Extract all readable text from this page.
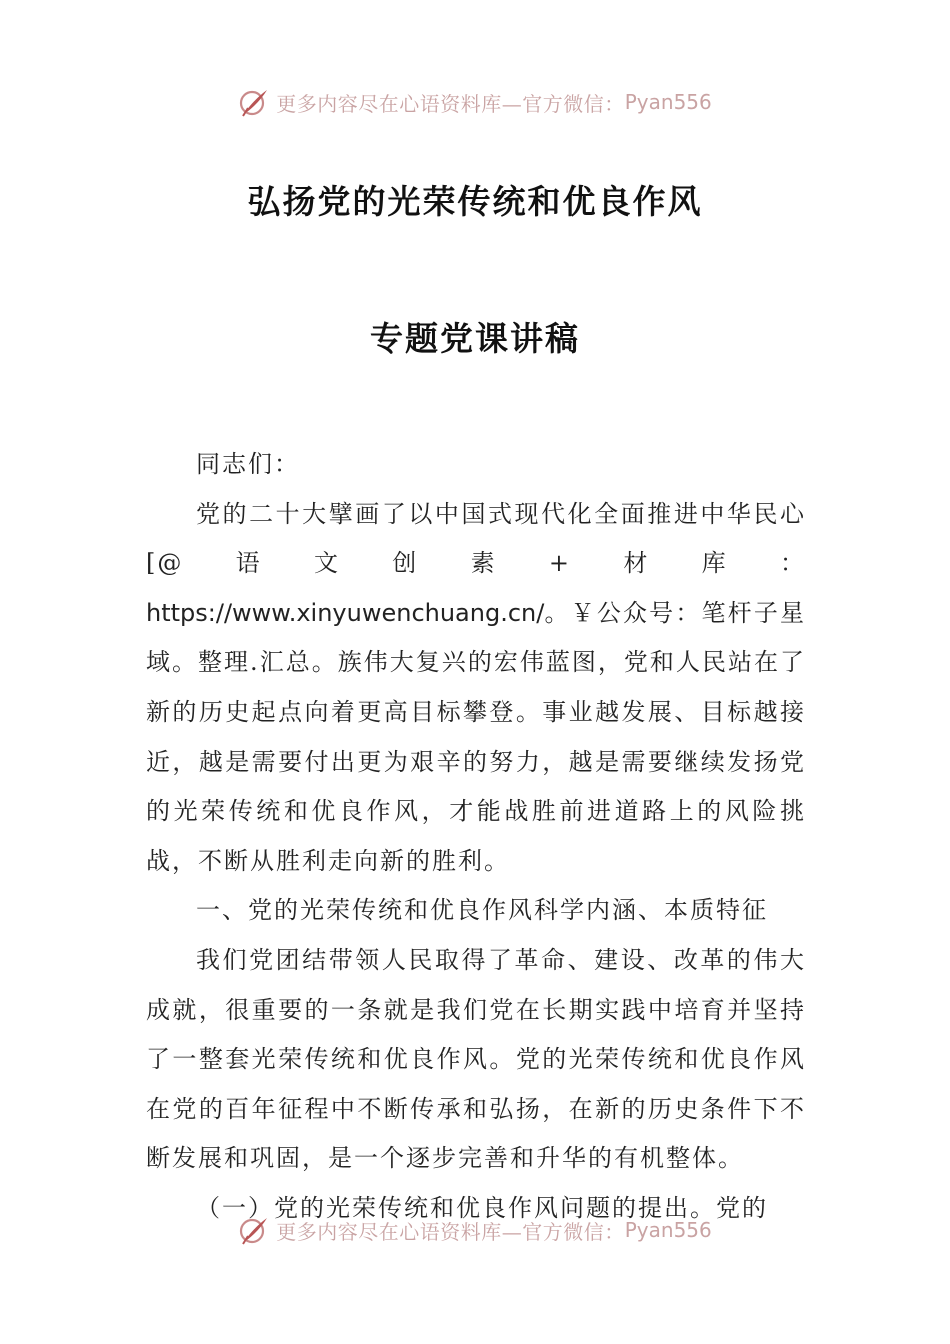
更多内容尽在心语资料库—官方微信： Pyan556
弘扬党的光荣传统和优良作风
专题党课讲稿

同志们：

党的二十大擘画了以中国式现代化全面推进中华民心[@语文创素+材库：https://www.xinyuwenchuang.cn/。￥公众号：笔杆子星域。整理.汇总。族伟大复兴的宏伟蓝图，党和人民站在了新的历史起点向着更高目标攀登。事业越发展、目标越接近，越是需要付出更为艰辛的努力，越是需要继续发扬党的光荣传统和优良作风，才能战胜前进道路上的风险挑战，不断从胜利走向新的胜利。

一、党的光荣传统和优良作风科学内涵、本质特征

我们党团结带领人民取得了革命、建设、改革的伟大成就，很重要的一条就是我们党在长期实践中培育并坚持了一整套光荣传统和优良作风。党的光荣传统和优良作风在党的百年征程中不断传承和弘扬，在新的历史条件下不断发展和巩固，是一个逐步完善和升华的有机整体。

（一）党的光荣传统和优良作风问题的提出。党的

更多内容尽在心语资料库—官方微信： Pyan556
